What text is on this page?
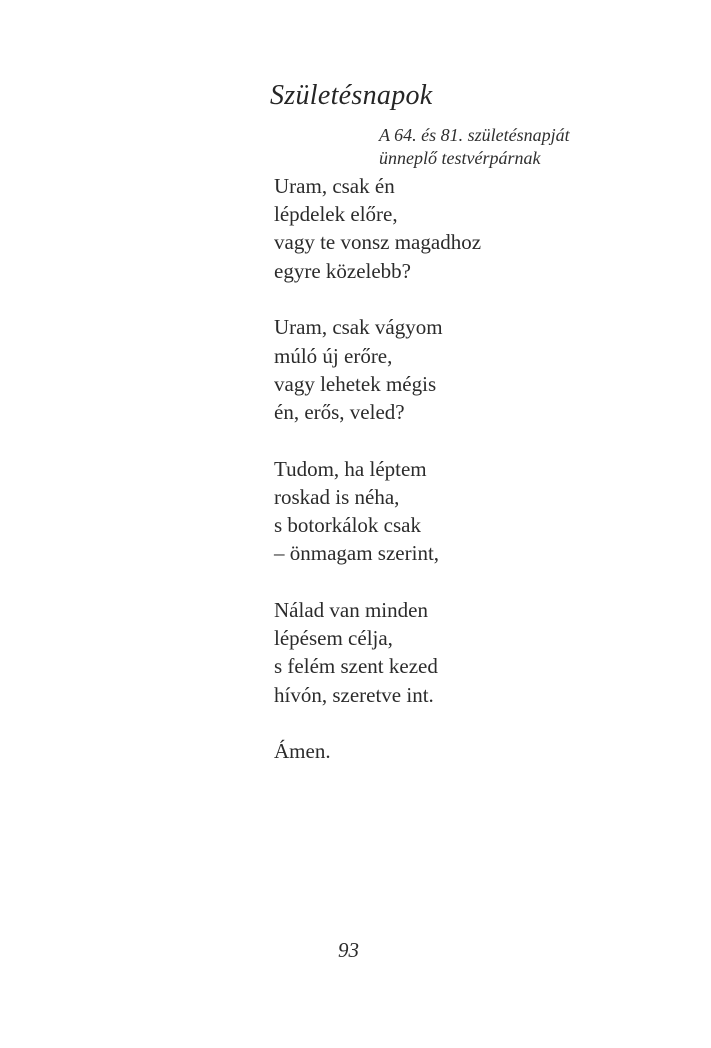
Születésnapok
A 64. és 81. születésnapját
ünneplő testvérpárnak
Uram, csak én
lépdelek előre,
vagy te vonsz magadhoz
egyre közelebb?
Uram, csak vágyom
múló új erőre,
vagy lehetek mégis
én, erős, veled?
Tudom, ha léptem
roskad is néha,
s botorkálok csak
– önmagam szerint,
Nálad van minden
lépésem célja,
s felém szent kezed
hívón, szeretve int.
Ámen.
93
